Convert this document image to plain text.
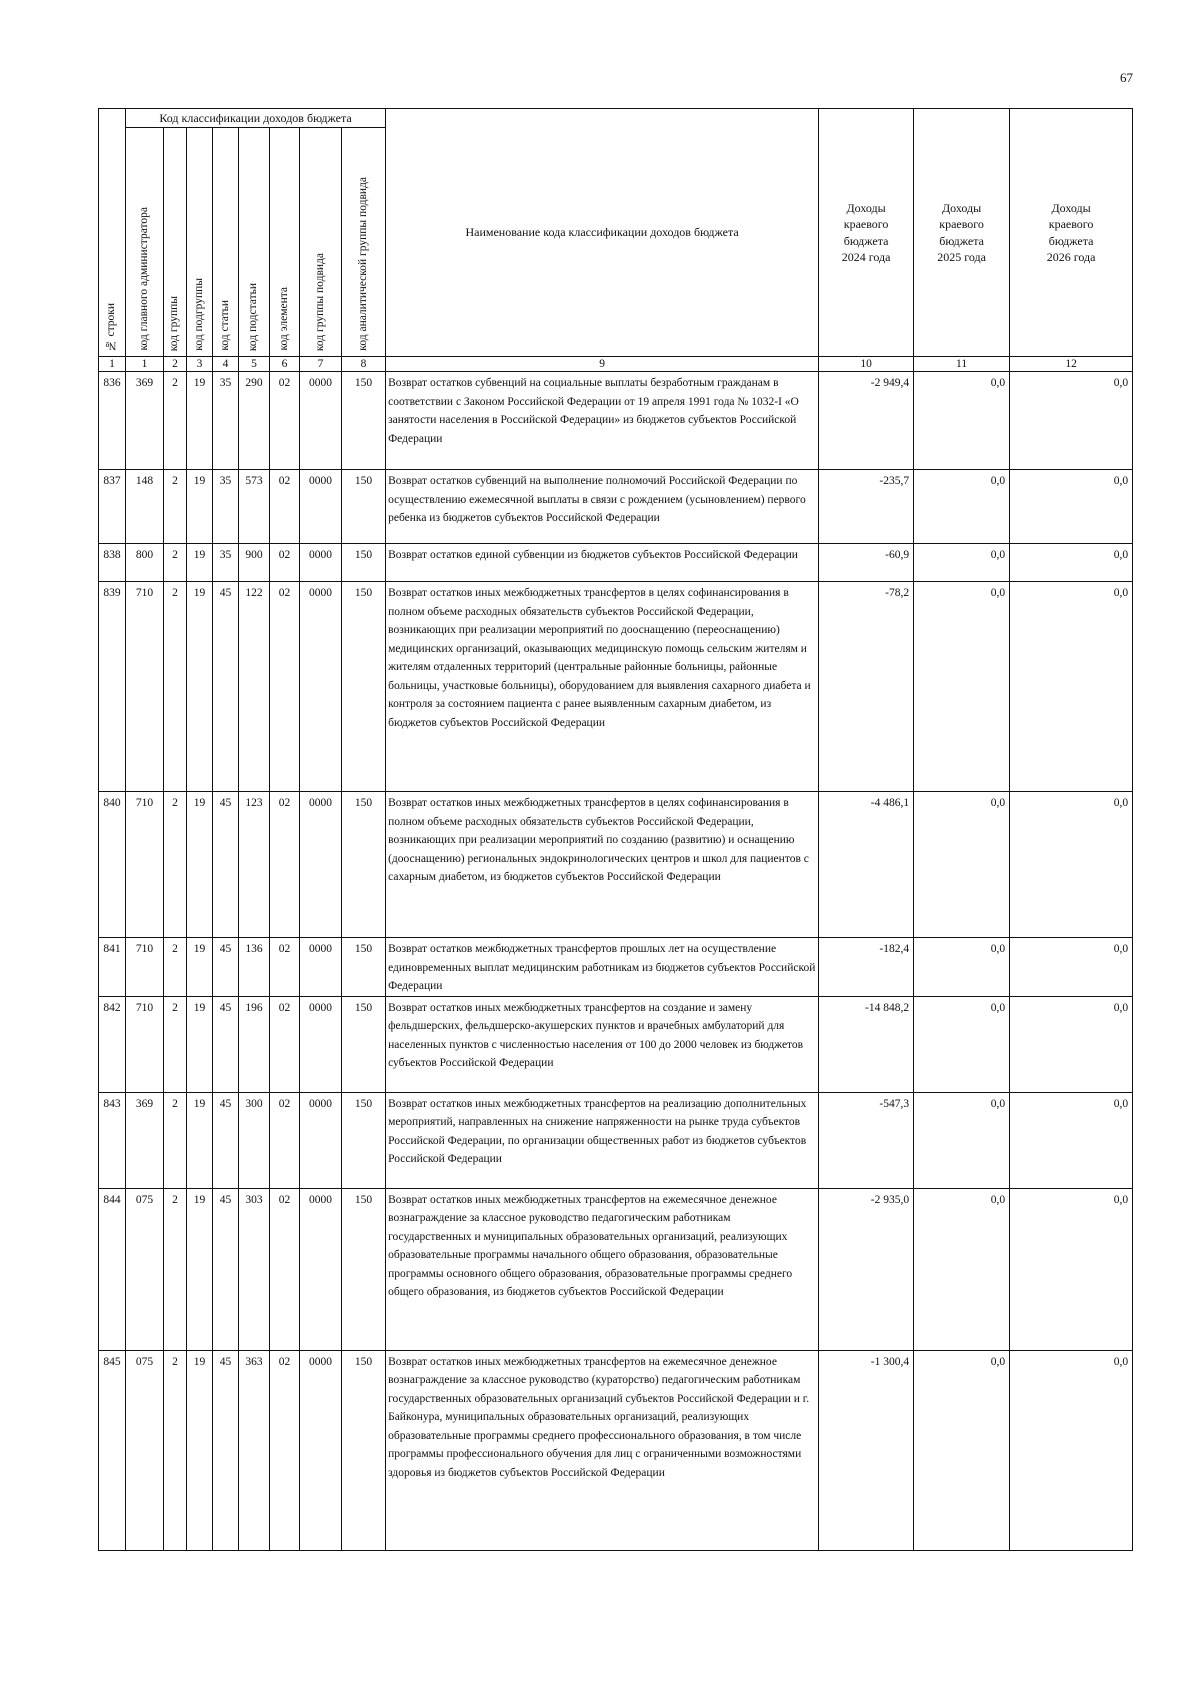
67
№ строки	Код классификации доходов бюджета								Наименование кода классификации доходов бюджета	Доходы
краевого
бюджета
2024 года	Доходы
краевого
бюджета
2025 года	Доходы
краевого
бюджета
2026 года
	код главного администратора	код группы	код подгруппы	код статьи	код подстатьи	код элемента	код группы подвида	код аналитической группы подвида				
1	1	2	3	4	5	6	7	8	9	10	11	12
836	369	2	19	35	290	02	0000	150	Возврат остатков субвенций на социальные выплаты безработным гражданам в соответствии с Законом Российской Федерации от 19 апреля 1991 года № 1032-I «О занятости населения в Российской Федерации» из бюджетов субъектов Российской Федерации	-2 949,4	0,0	0,0
837	148	2	19	35	573	02	0000	150	Возврат остатков субвенций на выполнение полномочий Российской Федерации по осуществлению ежемесячной выплаты в связи с рождением (усыновлением) первого ребенка из бюджетов субъектов Российской Федерации	-235,7	0,0	0,0
838	800	2	19	35	900	02	0000	150	Возврат остатков единой субвенции из бюджетов субъектов Российской Федерации	-60,9	0,0	0,0
839	710	2	19	45	122	02	0000	150	Возврат остатков иных межбюджетных трансфертов в целях софинансирования в полном объеме расходных обязательств субъектов Российской Федерации, возникающих при реализации мероприятий по дооснащению (переоснащению) медицинских организаций, оказывающих медицинскую помощь сельским жителям и жителям отдаленных территорий (центральные районные больницы, районные больницы, участковые больницы), оборудованием для выявления сахарного диабета и контроля за состоянием пациента с ранее выявленным сахарным диабетом, из бюджетов субъектов Российской Федерации	-78,2	0,0	0,0
840	710	2	19	45	123	02	0000	150	Возврат остатков иных межбюджетных трансфертов в целях софинансирования в полном объеме расходных обязательств субъектов Российской Федерации, возникающих при реализации мероприятий по созданию (развитию) и оснащению (дооснащению) региональных эндокринологических центров и школ для пациентов с сахарным диабетом, из бюджетов субъектов Российской Федерации	-4 486,1	0,0	0,0
841	710	2	19	45	136	02	0000	150	Возврат остатков межбюджетных трансфертов прошлых лет на осуществление единовременных выплат медицинским работникам из бюджетов субъектов Российской Федерации	-182,4	0,0	0,0
842	710	2	19	45	196	02	0000	150	Возврат остатков иных межбюджетных трансфертов на создание и замену фельдшерских, фельдшерско-акушерских пунктов и врачебных амбулаторий для населенных пунктов с численностью населения от 100 до 2000 человек из бюджетов субъектов Российской Федерации	-14 848,2	0,0	0,0
843	369	2	19	45	300	02	0000	150	Возврат остатков иных межбюджетных трансфертов на реализацию дополнительных мероприятий, направленных на снижение напряженности на рынке труда субъектов Российской Федерации, по организации общественных работ из бюджетов субъектов Российской Федерации	-547,3	0,0	0,0
844	075	2	19	45	303	02	0000	150	Возврат остатков иных межбюджетных трансфертов на ежемесячное денежное вознаграждение за классное руководство педагогическим работникам государственных и муниципальных образовательных организаций, реализующих образовательные программы начального общего образования, образовательные программы основного общего образования, образовательные программы среднего общего образования, из бюджетов субъектов Российской Федерации	-2 935,0	0,0	0,0
845	075	2	19	45	363	02	0000	150	Возврат остатков иных межбюджетных трансфертов на ежемесячное денежное вознаграждение за классное руководство (кураторство) педагогическим работникам государственных образовательных организаций субъектов Российской Федерации и г. Байконура, муниципальных образовательных организаций, реализующих образовательные программы среднего профессионального образования, в том числе программы профессионального обучения для лиц с ограниченными возможностями здоровья из бюджетов субъектов Российской Федерации	-1 300,4	0,0	0,0
